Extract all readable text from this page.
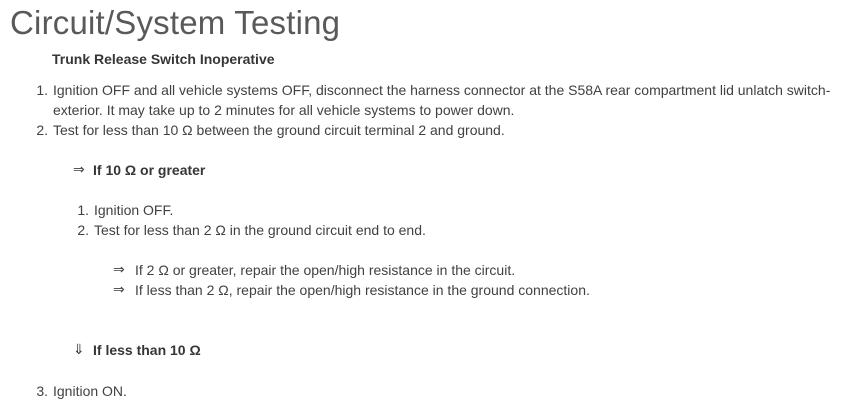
Circuit/System Testing
Trunk Release Switch Inoperative
1. Ignition OFF and all vehicle systems OFF, disconnect the harness connector at the S58A rear compartment lid unlatch switch-exterior. It may take up to 2 minutes for all vehicle systems to power down.
2. Test for less than 10 Ω between the ground circuit terminal 2 and ground.
⇒ If 10 Ω or greater
1. Ignition OFF.
2. Test for less than 2 Ω in the ground circuit end to end.
⇒ If 2 Ω or greater, repair the open/high resistance in the circuit.
⇒ If less than 2 Ω, repair the open/high resistance in the ground connection.
⇓ If less than 10 Ω
3. Ignition ON.
